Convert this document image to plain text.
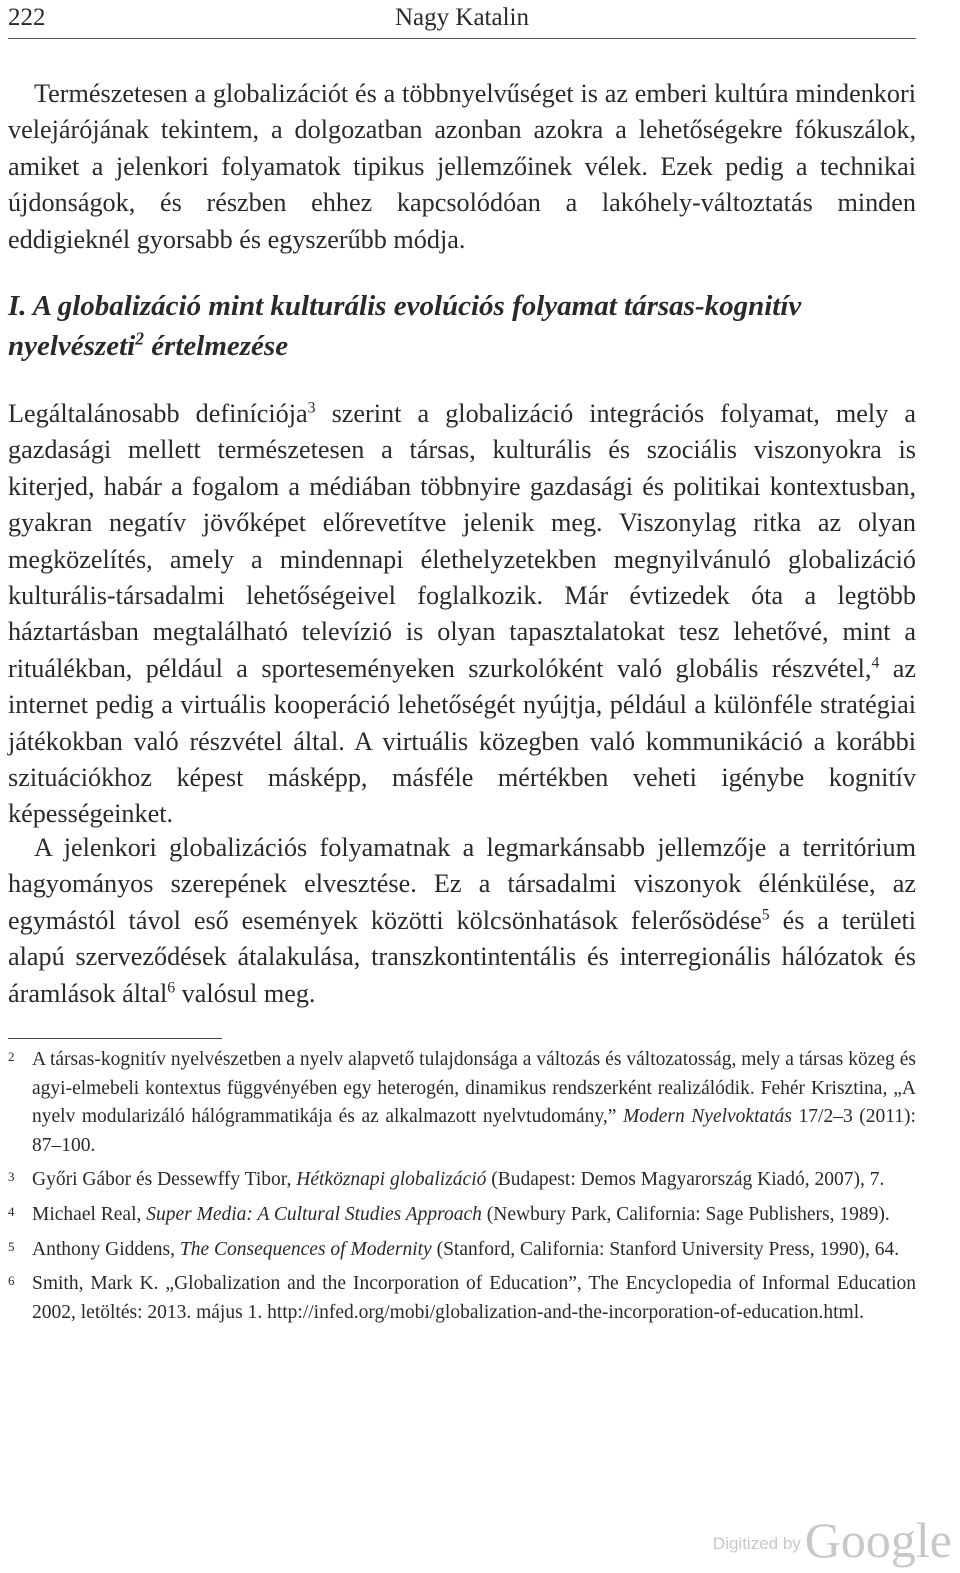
222	Nagy Katalin

Természetesen a globalizációt és a többnyelvűséget is az emberi kultúra mindenkori velejárójának tekintem, a dolgozatban azonban azokra a lehetőségekre fókuszálok, amiket a jelenkori folyamatok tipikus jellemzőinek vélek. Ezek pedig a technikai újdonságok, és részben ehhez kapcsolódóan a lakóhely-változtatás minden eddigieknél gyorsabb és egyszerűbb módja.

I. A globalizáció mint kulturális evolúciós folyamat társas-kognitív nyelvészeti$^2$ értelmezése

Legáltalánosabb definíciója$^3$ szerint a globalizáció integrációs folyamat, mely a gazdasági mellett természetesen a társas, kulturális és szociális viszonyokra is kiterjed, habár a fogalom a médiában többnyire gazdasági és politikai kontextusban, gyakran negatív jövőképet előrevetítve jelenik meg. Viszonylag ritka az olyan megközelítés, amely a mindennapi élethelyzetekben megnyilvánuló globalizáció kulturális-társadalmi lehetőségeivel foglalkozik. Már évtizedek óta a legtöbb háztartásban megtalálható televízió is olyan tapasztalatokat tesz lehetővé, mint a rituálékban, például a sporteseményeken szurkolóként való globális részvétel,$^4$ az internet pedig a virtuális kooperáció lehetőségét nyújtja, például a különféle stratégiai játékokban való részvétel által. A virtuális közegben való kommunikáció a korábbi szituációkhoz képest másképp, másféle mértékben veheti igénybe kognitív képességeinket.

A jelenkori globalizációs folyamatnak a legmarkánsabb jellemzője a territórium hagyományos szerepének elvesztése. Ez a társadalmi viszonyok élénkülése, az egymástól távol eső események közötti kölcsönhatások felerősödése$^5$ és a területi alapú szerveződések átalakulása, transzkontintentális és interregionális hálózatok és áramlások által$^6$ valósul meg.

2 A társas-kognitív nyelvészetben a nyelv alapvető tulajdonsága a változás és változatosság, mely a társas közeg és agyi-elmebeli kontextus függvényében egy heterogén, dinamikus rendszerként realizálódik. Fehér Krisztina, „A nyelv modularizáló hálógrammatikája és az alkalmazott nyelvtudomány,” Modern Nyelvoktatás 17/2–3 (2011): 87–100.
3 Győri Gábor és Dessewffy Tibor, Hétköznapi globalizáció (Budapest: Demos Magyarország Kiadó, 2007), 7.
4 Michael Real, Super Media: A Cultural Studies Approach (Newbury Park, California: Sage Publishers, 1989).
5 Anthony Giddens, The Consequences of Modernity (Stanford, California: Stanford University Press, 1990), 64.
6 Smith, Mark K. „Globalization and the Incorporation of Education”, The Encyclopedia of Informal Education 2002, letöltés: 2013. május 1. http://infed.org/mobi/globalization-and-the-incorporation-of-education.html.
Digitized byGoogle
